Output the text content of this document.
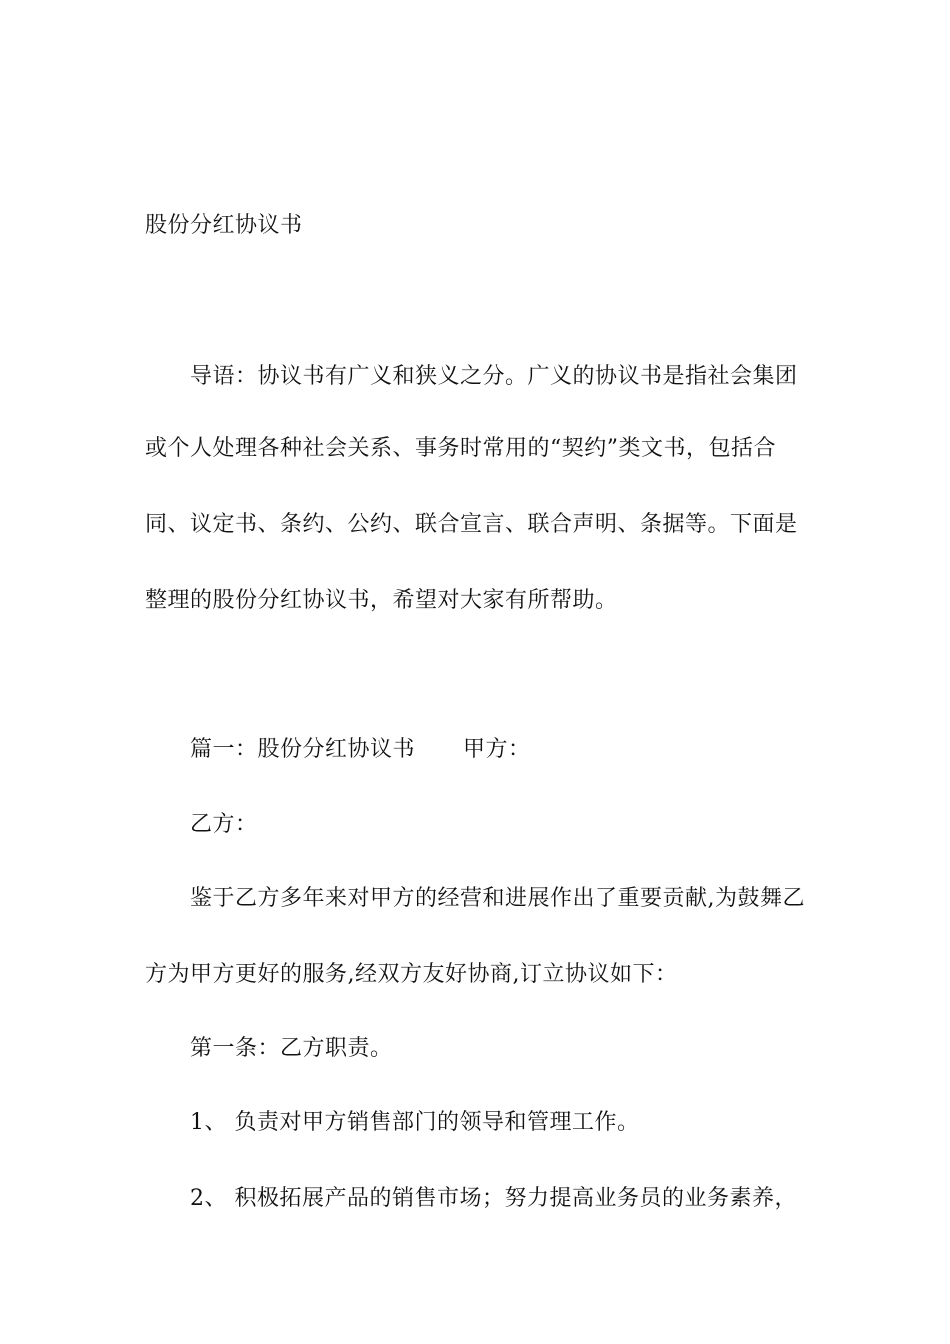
股份分红协议书
导语：协议书有广义和狭义之分。广义的协议书是指社会集团
或个人处理各种社会关系、事务时常用的“契约”类文书，包括合
同、议定书、条约、公约、联合宣言、联合声明、条据等。下面是
整理的股份分红协议书，希望对大家有所帮助。
篇一：股份分红协议书 甲方：
乙方：
鉴于乙方多年来对甲方的经营和进展作出了重要贡献,为鼓舞乙
方为甲方更好的服务,经双方友好协商,订立协议如下：
第一条：乙方职责。
1、 负责对甲方销售部门的领导和管理工作。
2、 积极拓展产品的销售市场；努力提高业务员的业务素养，
